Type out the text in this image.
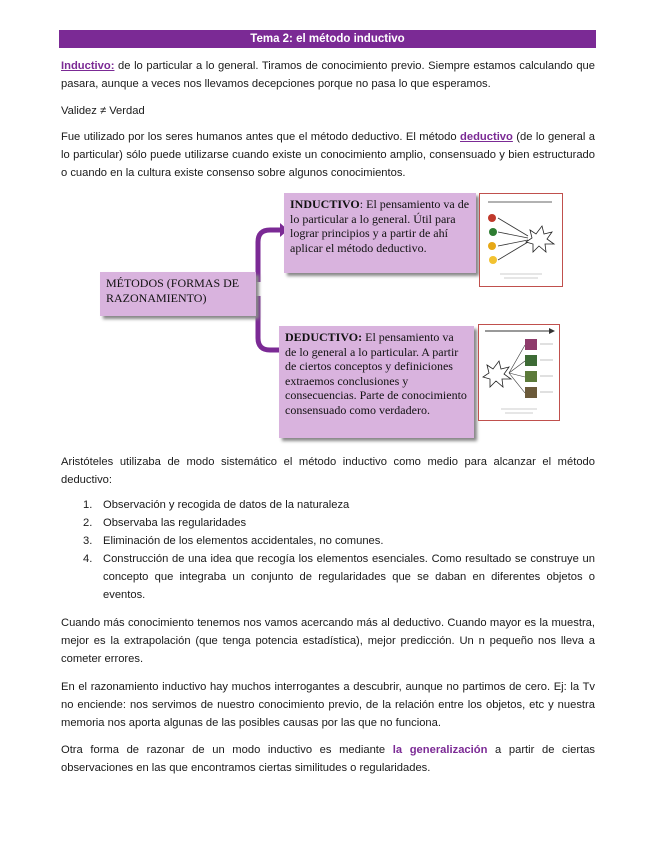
Tema 2: el método inductivo

Inductivo: de lo particular a lo general. Tiramos de conocimiento previo. Siempre estamos calculando que pasara, aunque a veces nos llevamos decepciones porque no pasa lo que esperamos.

Validez ≠ Verdad

Fue utilizado por los seres humanos antes que el método deductivo. El método deductivo (de lo general a lo particular) sólo puede utilizarse cuando existe un conocimiento amplio, consensuado y bien estructurado o cuando en la cultura existe consenso sobre algunos conocimientos.

MÉTODOS (FORMAS DE RAZONAMIENTO)
INDUCTIVO: El pensamiento va de lo particular a lo general. Útil para lograr principios y a partir de ahí aplicar el método deductivo.
DEDUCTIVO: El pensamiento va de lo general a lo particular. A partir de ciertos conceptos y definiciones extraemos conclusiones y consecuencias. Parte de conocimiento consensuado como verdadero.

Aristóteles utilizaba de modo sistemático el método inductivo como medio para alcanzar el método deductivo:

1. Observación y recogida de datos de la naturaleza
2. Observaba las regularidades
3. Eliminación de los elementos accidentales, no comunes.
4. Construcción de una idea que recogía los elementos esenciales. Como resultado se construye un concepto que integraba un conjunto de regularidades que se daban en diferentes objetos o eventos.

Cuando más conocimiento tenemos nos vamos acercando más al deductivo. Cuando mayor es la muestra, mejor es la extrapolación (que tenga potencia estadística), mejor predicción. Un n pequeño nos lleva a cometer errores.

En el razonamiento inductivo hay muchos interrogantes a descubrir, aunque no partimos de cero. Ej: la Tv no enciende: nos servimos de nuestro conocimiento previo, de la relación entre los objetos, etc y nuestra memoria nos aporta algunas de las posibles causas por las que no funciona.

Otra forma de razonar de un modo inductivo es mediante la generalización a partir de ciertas observaciones en las que encontramos ciertas similitudes o regularidades.
